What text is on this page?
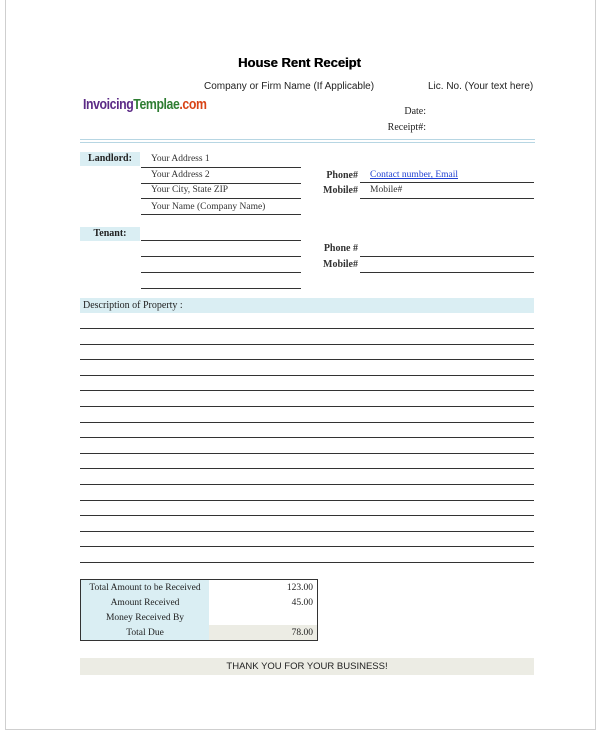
House Rent Receipt
Company or Firm Name (If Applicable)	Lic. No. (Your text here)
InvoicingTemplae.com	Date:
Receipt#:
Landlord:	Your Address 1
Your Address 2
Your City, State ZIP
Your Name (Company Name)
Phone# Contact number, Email
Mobile# Mobile#
Tenant:
Phone #
Mobile#
Description of Property :
Total Amount to be Received	123.00
Amount Received	45.00
Money Received By	
Total Due	78.00
THANK YOU FOR YOUR BUSINESS!
